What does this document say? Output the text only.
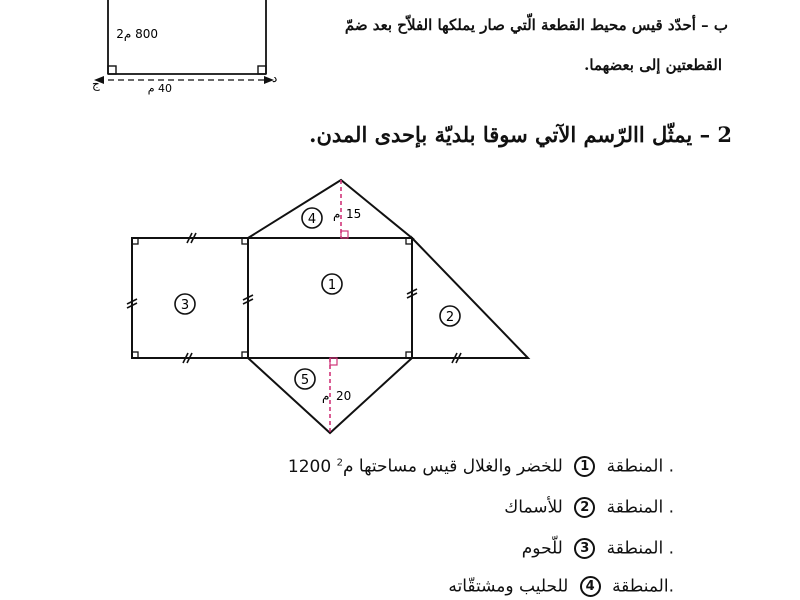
800 م2
40 م
ج	د
15
م
20
م
1
2
3
4
5
ب – أحدّد قيس محيط القطعة الّتي صار يملكها الفلاّح بعد ضمّ
القطعتين إلى بعضهما.
2 – يمثّل االرّسم الآتي سوقا بلديّة بإحدى المدن.
. المنطقة 1 للخضر والغلال قيس مساحتها 1200 م$^2$
. المنطقة 2 للأسماك
. المنطقة 3 للّحوم
.المنطقة 4 للحليب ومشتقّاته
